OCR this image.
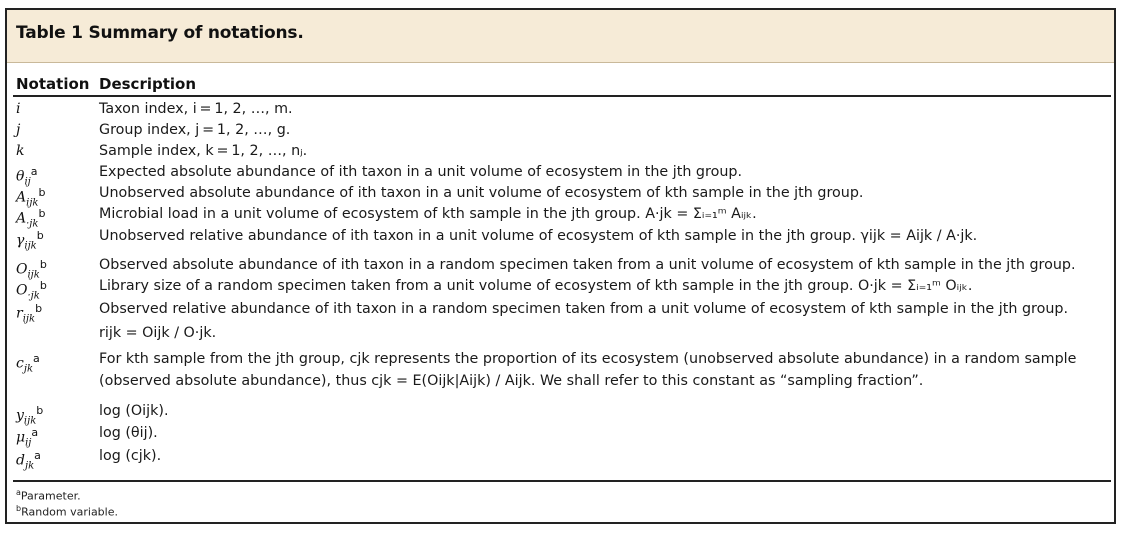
Table 1 Summary of notations.
Notation Description
i	Taxon index, i = 1, 2, …, m.
j	Group index, j = 1, 2, …, g.
k	Sample index, k = 1, 2, …, nⱼ.
$\theta_{ij}^a$	Expected absolute abundance of ith taxon in a unit volume of ecosystem in the jth group.
$A_{ijk}^b$	Unobserved absolute abundance of ith taxon in a unit volume of ecosystem of kth sample in the jth group.
$A_{\cdot jk}^b$	Microbial load in a unit volume of ecosystem of kth sample in the jth group. A·jk = Σᵢ₌₁ᵐ Aᵢⱼₖ.
$\gamma_{ijk}^b$	Unobserved relative abundance of ith taxon in a unit volume of ecosystem of kth sample in the jth group. γijk = Aijk / A·jk.
$O_{ijk}^b$	Observed absolute abundance of ith taxon in a random specimen taken from a unit volume of ecosystem of kth sample in the jth group.
$O_{\cdot jk}^b$	Library size of a random specimen taken from a unit volume of ecosystem of kth sample in the jth group. O·jk = Σᵢ₌₁ᵐ Oᵢⱼₖ.
$r_{ijk}^b$	Observed relative abundance of ith taxon in a random specimen taken from a unit volume of ecosystem of kth sample in the jth group.
rijk = Oijk / O·jk.
$c_{jk}^a$	For kth sample from the jth group, cjk represents the proportion of its ecosystem (unobserved absolute abundance) in a random sample
(observed absolute abundance), thus cjk = E(Oijk|Aijk) / Aijk. We shall refer to this constant as “sampling fraction”.
$y_{ijk}^b$	log (Oijk).
$\mu_{ij}^a$	log (θij).
$d_{jk}^a$	log (cjk).
$^a$Parameter.
$^b$Random variable.
